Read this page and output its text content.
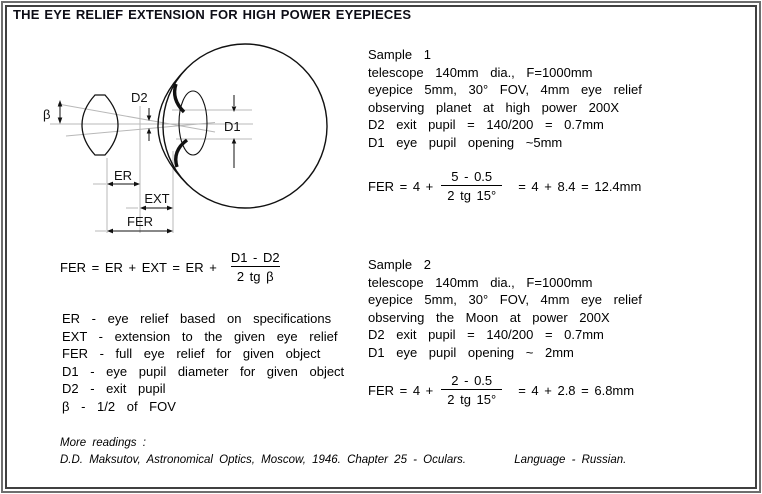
THE EYE RELIEF EXTENSION FOR HIGH POWER EYEPIECES
β
D2
D1
ER
EXT
FER
FER = ER + EXT = ER + $\frac{D1 - D2}{\text{2 tg β}}$
ER - eye relief based on specifications
EXT - extension to the given eye relief
FER - full eye relief for given object
D1 - eye pupil diameter for given object
D2 - exit pupil
β - 1/2 of FOV
Sample 1
telescope 140mm dia., F=1000mm
eyepice 5mm, 30° FOV, 4mm eye relief
observing planet at high power 200X
D2 exit pupil = 140/200 = 0.7mm
D1 eye pupil opening ~5mm
FER = $4 + \frac{5 - 0.5}{2 tg 15^\circ} = 4 + 8.4 = 12.4mm$
Sample 2
telescope 140mm dia., F=1000mm
eyepice 5mm, 30° FOV, 4mm eye relief
observing the Moon at power 200X
D2 exit pupil = 140/200 = 0.7mm
D1 eye pupil opening ~ 2mm
FER = $4 + \frac{2 - 0.5}{2 tg 15^\circ} = 4 + 2.8 = 6.8mm$
More readings :
D.D. Maksutov, Astronomical Optics, Moscow, 1946. Chapter 25 - Oculars.	Language - Russian.
